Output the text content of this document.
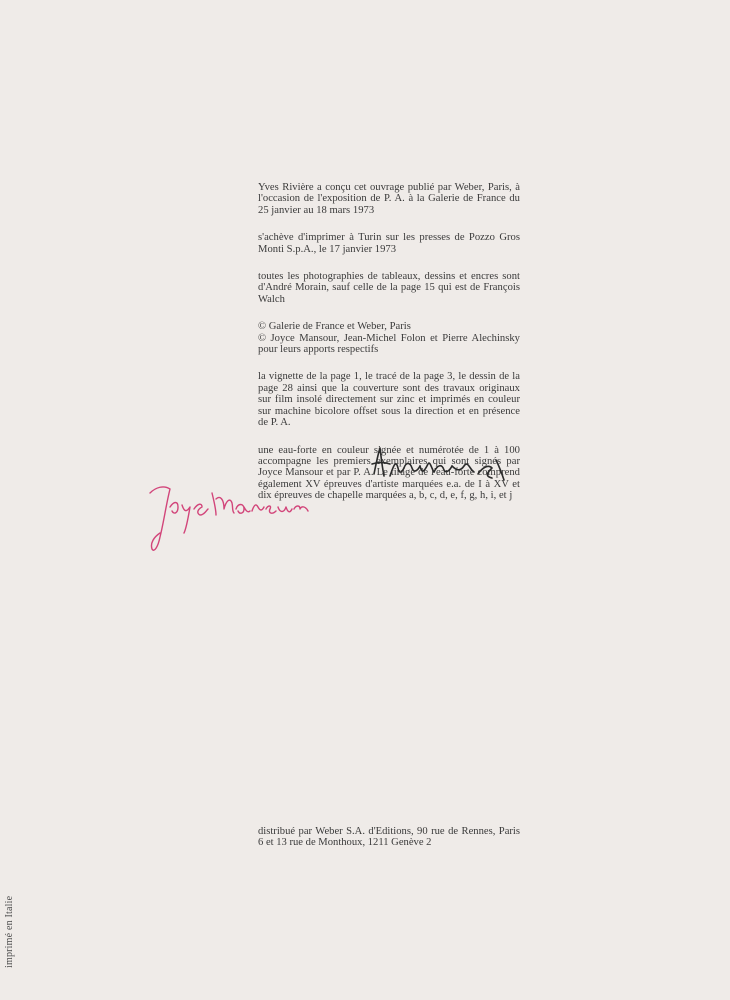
Yves Rivière a conçu cet ouvrage publié par Weber, Paris, à l'occasion de l'exposition de P. A. à la Galerie de France du 25 janvier au 18 mars 1973

s'achève d'imprimer à Turin sur les presses de Pozzo Gros Monti S.p.A., le 17 janvier 1973

toutes les photographies de tableaux, dessins et encres sont d'André Morain, sauf celle de la page 15 qui est de François Walch

© Galerie de France et Weber, Paris

© Joyce Mansour, Jean-Michel Folon et Pierre Alechinsky pour leurs apports respectifs

la vignette de la page 1, le tracé de la page 3, le dessin de la page 28 ainsi que la couverture sont des travaux originaux sur film insolé directement sur zinc et imprimés en couleur sur machine bicolore offset sous la direction et en présence de P. A.

une eau-forte en couleur signée et numérotée de 1 à 100 accompagne les premiers exemplaires qui sont signés par Joyce Mansour et par P. A. Le tirage de l'eau-forte comprend également XV épreuves d'artiste marquées e.a. de I à XV et dix épreuves de chapelle marquées a, b, c, d, e, f, g, h, i, et j

distribué par Weber S.A. d'Editions, 90 rue de Rennes, Paris 6 et 13 rue de Monthoux, 1211 Genève 2
imprimé en Italie
